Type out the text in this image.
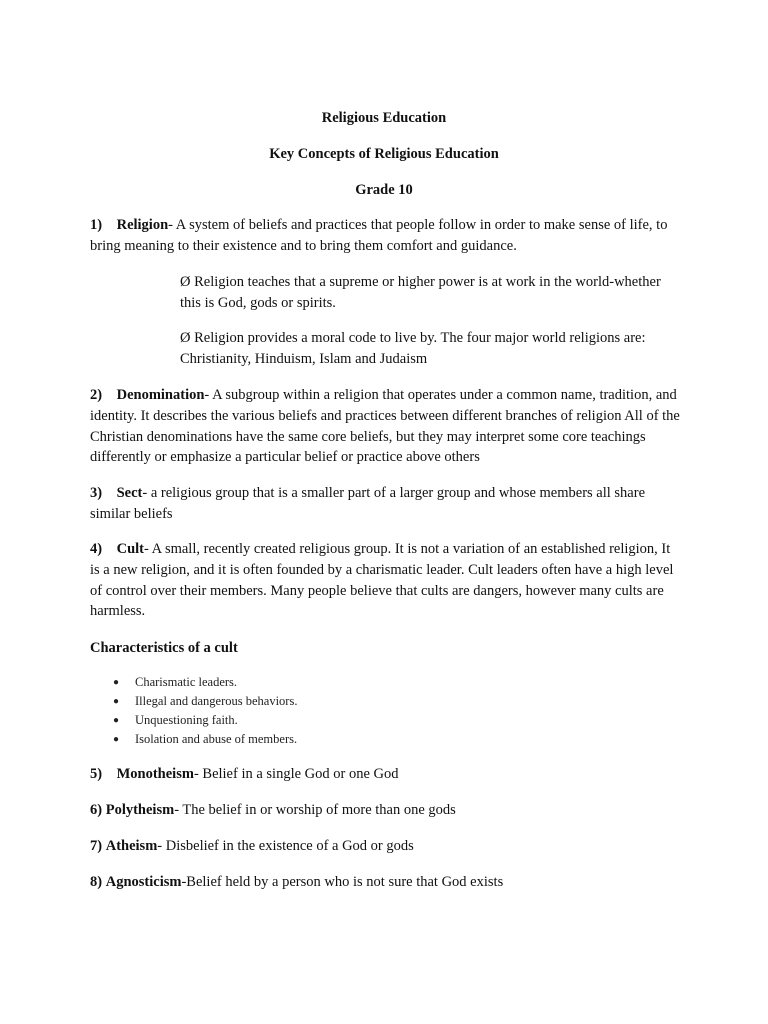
Religious Education

Key Concepts of Religious Education

Grade 10

1) Religion- A system of beliefs and practices that people follow in order to make sense of life, to bring meaning to their existence and to bring them comfort and guidance.

Ø Religion teaches that a supreme or higher power is at work in the world-whether this is God, gods or spirits.

Ø Religion provides a moral code to live by. The four major world religions are: Christianity, Hinduism, Islam and Judaism

2) Denomination- A subgroup within a religion that operates under a common name, tradition, and identity. It describes the various beliefs and practices between different branches of religion All of the Christian denominations have the same core beliefs, but they may interpret some core teachings differently or emphasize a particular belief or practice above others

3) Sect- a religious group that is a smaller part of a larger group and whose members all share similar beliefs

4) Cult- A small, recently created religious group. It is not a variation of an established religion, It is a new religion, and it is often founded by a charismatic leader. Cult leaders often have a high level of control over their members. Many people believe that cults are dangers, however many cults are harmless.

Characteristics of a cult

● Charismatic leaders.
● Illegal and dangerous behaviors.
● Unquestioning faith.
● Isolation and abuse of members.

5) Monotheism- Belief in a single God or one God

6) Polytheism- The belief in or worship of more than one gods

7) Atheism- Disbelief in the existence of a God or gods

8) Agnosticism-Belief held by a person who is not sure that God exists
